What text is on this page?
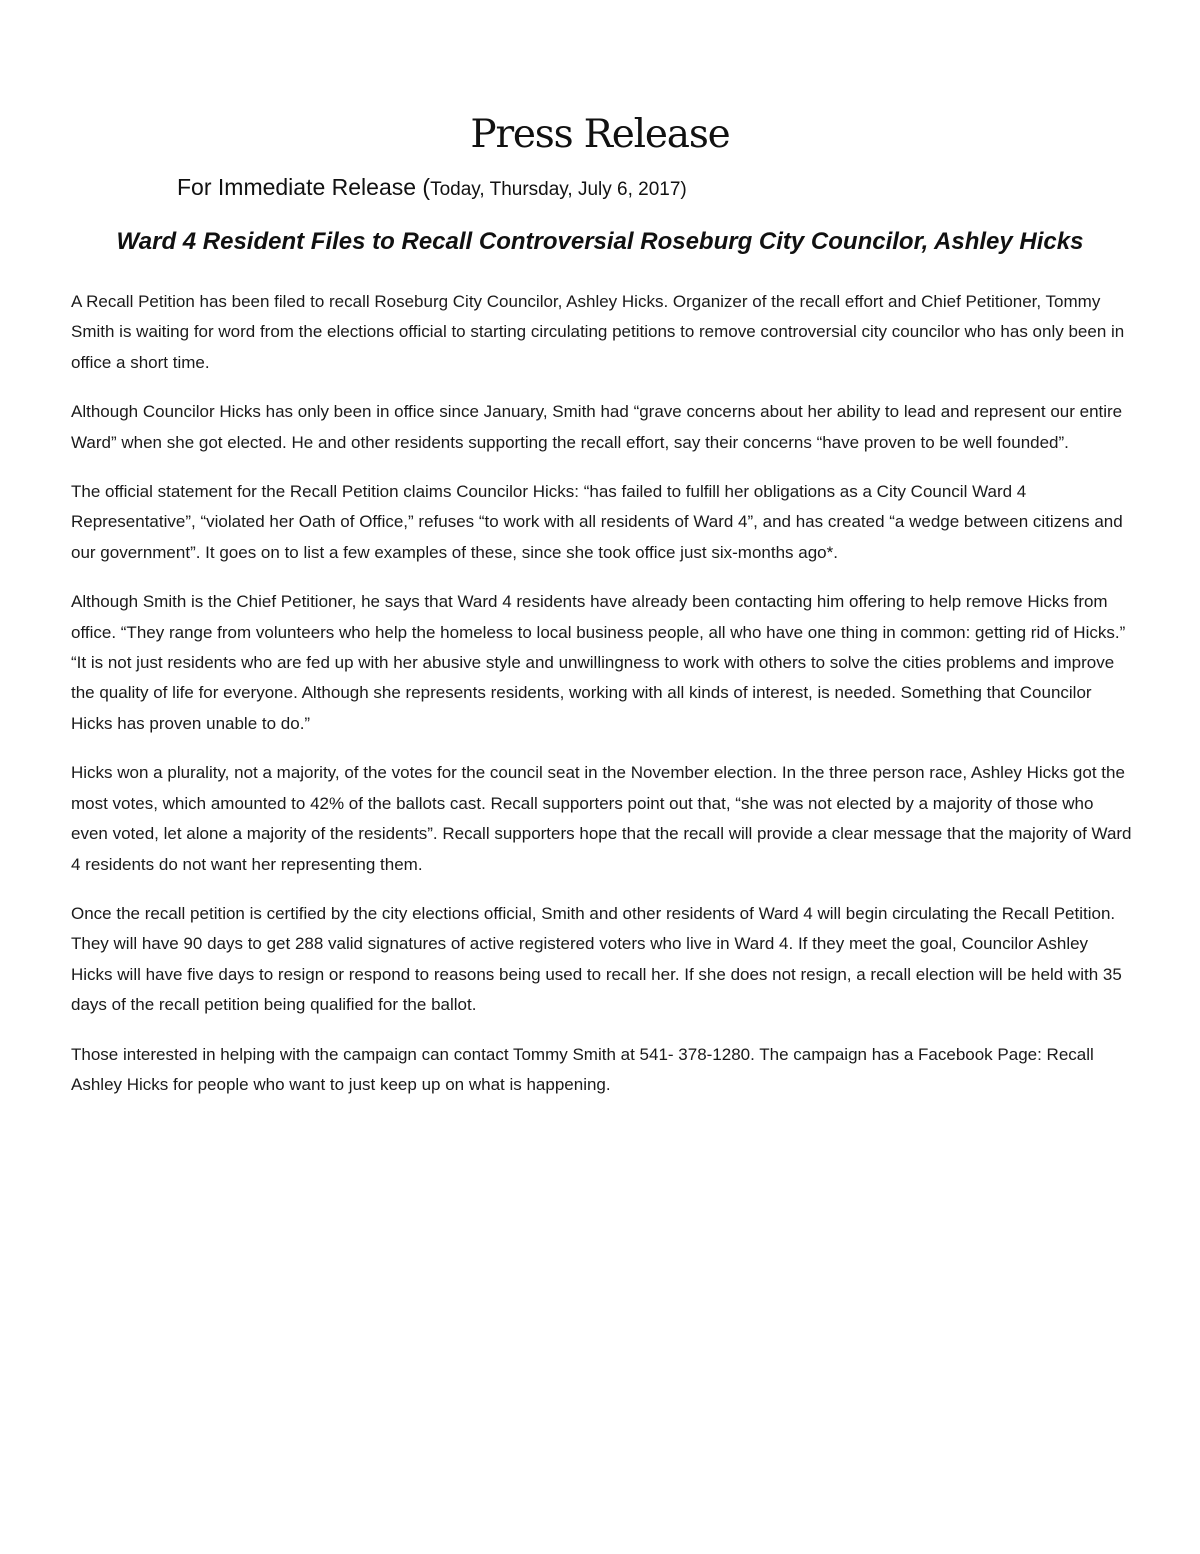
Press Release
For Immediate Release (Today, Thursday, July 6, 2017)
Ward 4 Resident Files to Recall Controversial Roseburg City Councilor, Ashley Hicks

A Recall Petition has been filed to recall Roseburg City Councilor, Ashley Hicks. Organizer of the recall effort and Chief Petitioner, Tommy Smith is waiting for word from the elections official to starting circulating petitions to remove controversial city councilor who has only been in office a short time.

Although Councilor Hicks has only been in office since January, Smith had “grave concerns about her ability to lead and represent our entire Ward” when she got elected. He and other residents supporting the recall effort, say their concerns “have proven to be well founded”.

The official statement for the Recall Petition claims Councilor Hicks: “has failed to fulfill her obligations as a City Council Ward 4 Representative”, “violated her Oath of Office,” refuses “to work with all residents of Ward 4”, and has created “a wedge between citizens and our government”. It goes on to list a few examples of these, since she took office just six-months ago*.

Although Smith is the Chief Petitioner, he says that Ward 4 residents have already been contacting him offering to help remove Hicks from office. “They range from volunteers who help the homeless to local business people, all who have one thing in common: getting rid of Hicks.” “It is not just residents who are fed up with her abusive style and unwillingness to work with others to solve the cities problems and improve the quality of life for everyone. Although she represents residents, working with all kinds of interest, is needed. Something that Councilor Hicks has proven unable to do.”

Hicks won a plurality, not a majority, of the votes for the council seat in the November election. In the three person race, Ashley Hicks got the most votes, which amounted to 42% of the ballots cast. Recall supporters point out that, “she was not elected by a majority of those who even voted, let alone a majority of the residents”. Recall supporters hope that the recall will provide a clear message that the majority of Ward 4 residents do not want her representing them.

Once the recall petition is certified by the city elections official, Smith and other residents of Ward 4 will begin circulating the Recall Petition. They will have 90 days to get 288 valid signatures of active registered voters who live in Ward 4. If they meet the goal, Councilor Ashley Hicks will have five days to resign or respond to reasons being used to recall her. If she does not resign, a recall election will be held with 35 days of the recall petition being qualified for the ballot.

Those interested in helping with the campaign can contact Tommy Smith at 541- 378-1280. The campaign has a Facebook Page: Recall Ashley Hicks for people who want to just keep up on what is happening.
